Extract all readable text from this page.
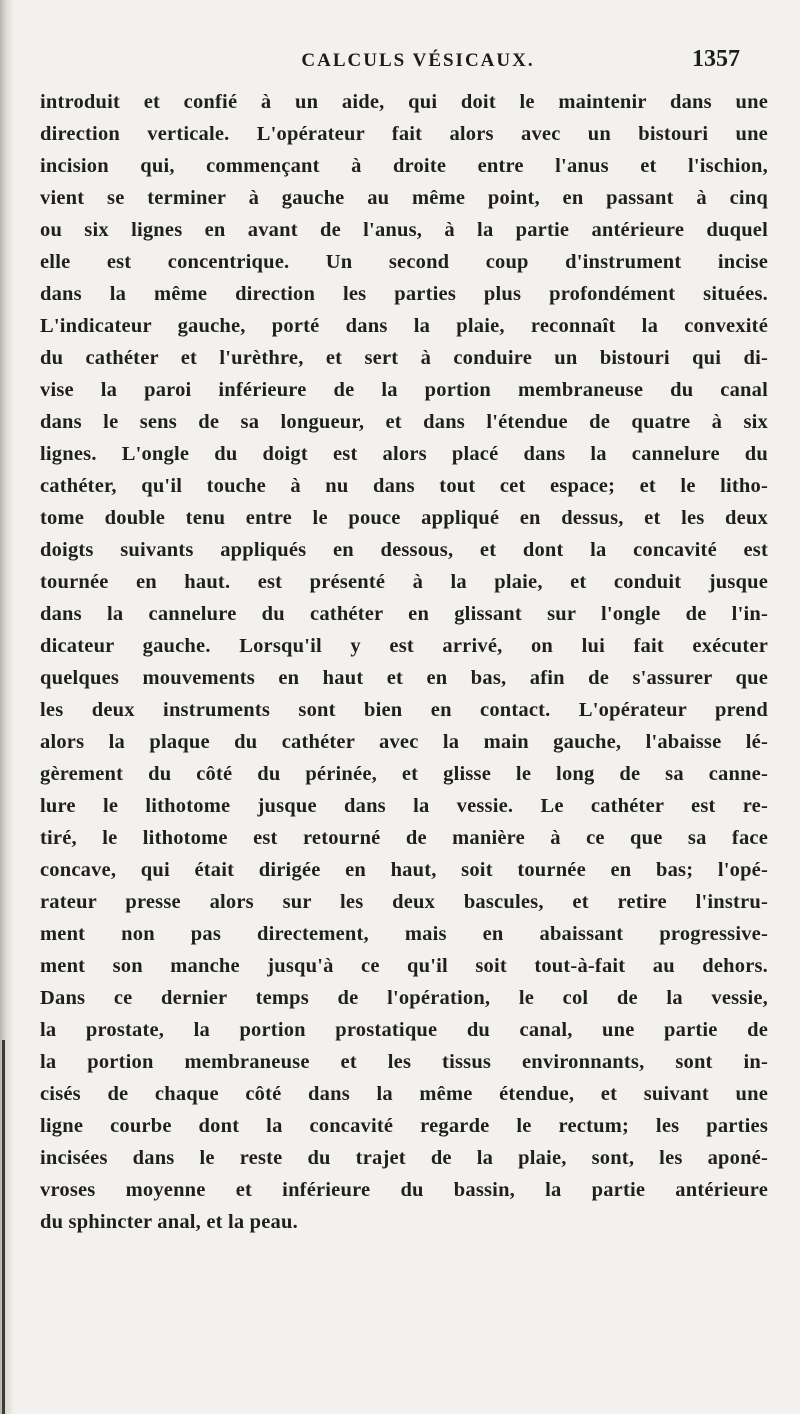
CALCULS VÉSICAUX.	1357
introduit et confié à un aide, qui doit le maintenir dans une
direction verticale. L'opérateur fait alors avec un bistouri une
incision qui, commençant à droite entre l'anus et l'ischion,
vient se terminer à gauche au même point, en passant à cinq
ou six lignes en avant de l'anus, à la partie antérieure duquel
elle est concentrique. Un second coup d'instrument incise
dans la même direction les parties plus profondément situées.
L'indicateur gauche, porté dans la plaie, reconnaît la convexité
du cathéter et l'urèthre, et sert à conduire un bistouri qui di-
vise la paroi inférieure de la portion membraneuse du canal
dans le sens de sa longueur, et dans l'étendue de quatre à six
lignes. L'ongle du doigt est alors placé dans la cannelure du
cathéter, qu'il touche à nu dans tout cet espace; et le litho-
tome double tenu entre le pouce appliqué en dessus, et les deux
doigts suivants appliqués en dessous, et dont la concavité est
tournée en haut. est présenté à la plaie, et conduit jusque
dans la cannelure du cathéter en glissant sur l'ongle de l'in-
dicateur gauche. Lorsqu'il y est arrivé, on lui fait exécuter
quelques mouvements en haut et en bas, afin de s'assurer que
les deux instruments sont bien en contact. L'opérateur prend
alors la plaque du cathéter avec la main gauche, l'abaisse lé-
gèrement du côté du périnée, et glisse le long de sa canne-
lure le lithotome jusque dans la vessie. Le cathéter est re-
tiré, le lithotome est retourné de manière à ce que sa face
concave, qui était dirigée en haut, soit tournée en bas; l'opé-
rateur presse alors sur les deux bascules, et retire l'instru-
ment non pas directement, mais en abaissant progressive-
ment son manche jusqu'à ce qu'il soit tout-à-fait au dehors.
Dans ce dernier temps de l'opération, le col de la vessie,
la prostate, la portion prostatique du canal, une partie de
la portion membraneuse et les tissus environnants, sont in-
cisés de chaque côté dans la même étendue, et suivant une
ligne courbe dont la concavité regarde le rectum; les parties
incisées dans le reste du trajet de la plaie, sont, les aponé-
vroses moyenne et inférieure du bassin, la partie antérieure
du sphincter anal, et la peau.
